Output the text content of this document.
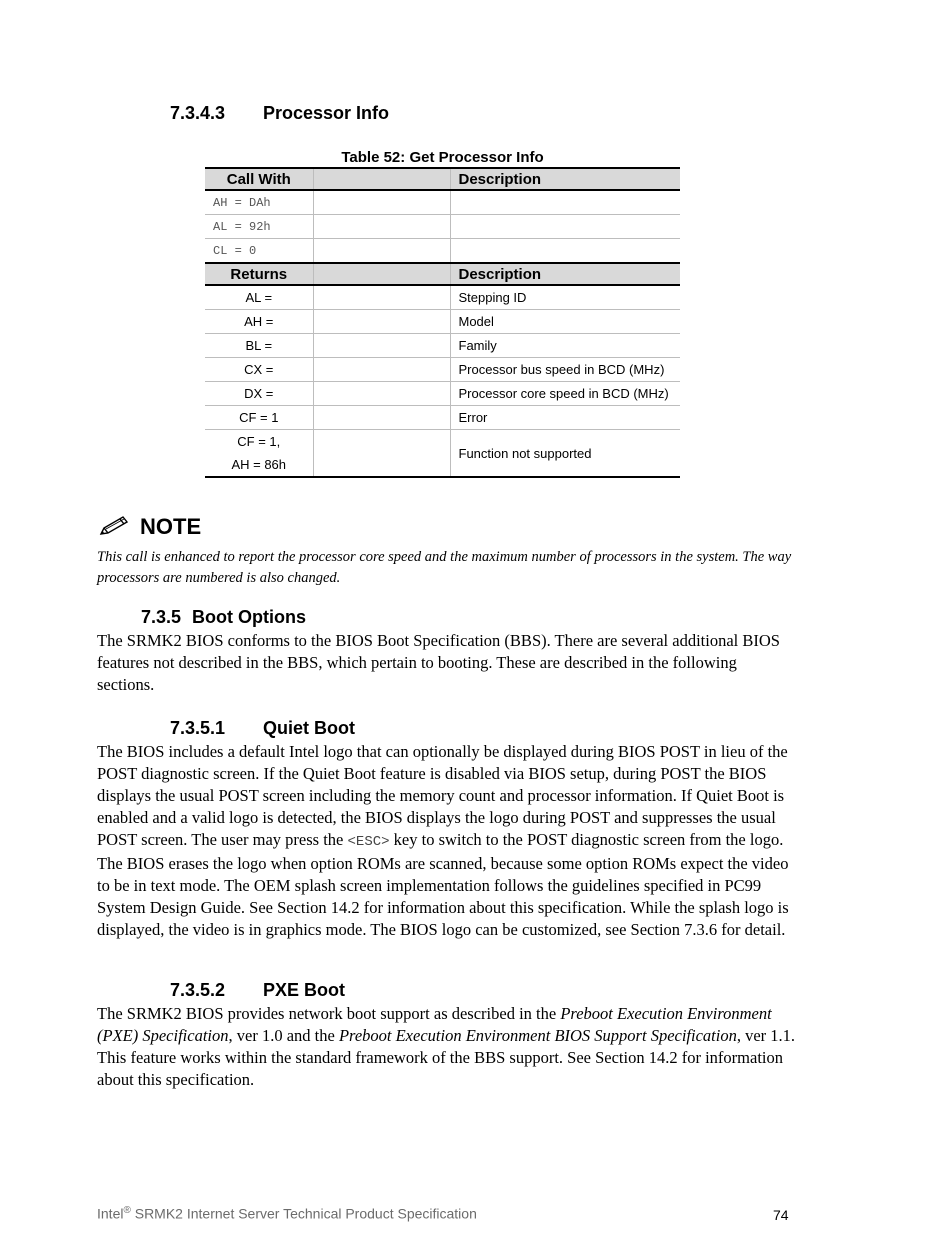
7.3.4.3 Processor Info
Table 52: Get Processor Info
Call With		Description
AH = DAh		
AL = 92h		
CL = 0		
Returns		Description
AL =		Stepping ID
AH =		Model
BL =		Family
CX =		Processor bus speed in BCD (MHz)
DX =		Processor core speed in BCD (MHz)
CF = 1		Error

CF = 1,
AH = 86h		Function not supported
NOTE
This call is enhanced to report the processor core speed and the maximum number of processors in the system. The way
processors are numbered is also changed.
7.3.5 Boot Options
The SRMK2 BIOS conforms to the BIOS Boot Specification (BBS). There are several additional BIOS features not described in the BBS, which pertain to booting. These are described in the following sections.
7.3.5.1 Quiet Boot
The BIOS includes a default Intel logo that can optionally be displayed during BIOS POST in lieu of the POST diagnostic screen. If the Quiet Boot feature is disabled via BIOS setup, during POST the BIOS displays the usual POST screen including the memory count and processor information. If Quiet Boot is enabled and a valid logo is detected, the BIOS displays the logo during POST and suppresses the usual POST screen. The user may press the <ESC> key to switch to the POST diagnostic screen from the logo. The BIOS erases the logo when option ROMs are scanned, because some option ROMs expect the video to be in text mode. The OEM splash screen implementation follows the guidelines specified in PC99 System Design Guide. See Section 14.2 for information about this specification. While the splash logo is displayed, the video is in graphics mode. The BIOS logo can be customized, see Section 7.3.6 for detail.
7.3.5.2 PXE Boot
The SRMK2 BIOS provides network boot support as described in the Preboot Execution Environment (PXE) Specification, ver 1.0 and the Preboot Execution Environment BIOS Support Specification, ver 1.1. This feature works within the standard framework of the BBS support. See Section 14.2 for information about this specification.
Intel® SRMK2 Internet Server Technical Product Specification	74
